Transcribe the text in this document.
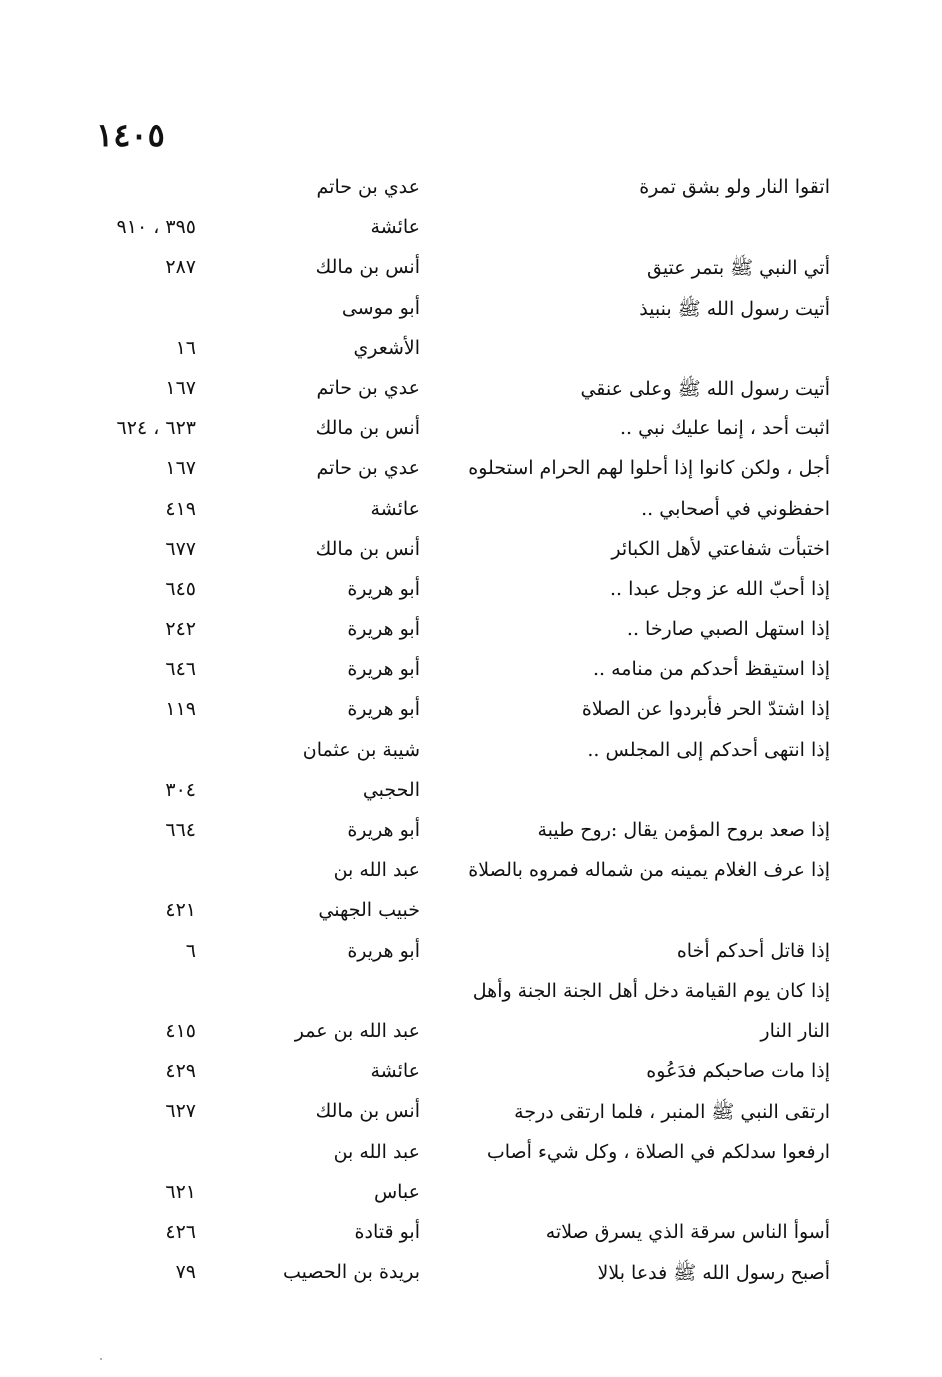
١٤٠٥
اتقوا النار ولو بشق تمرة
عدي بن حاتم
عائشة
٣٩٥ ، ٩١٠
أتي النبي ﷺ بتمر عتيق
أنس بن مالك
٢٨٧
أتيت رسول الله ﷺ بنبيذ
أبو موسى
الأشعري
١٦
أتيت رسول الله ﷺ وعلى عنقي
عدي بن حاتم
١٦٧
اثبت أحد ، إنما عليك نبي ..
أنس بن مالك
٦٢٣ ، ٦٢٤
أجل ، ولكن كانوا إذا أحلوا لهم الحرام استحلوه
عدي بن حاتم
١٦٧
احفظوني في أصحابي ..
عائشة
٤١٩
اختبأت شفاعتي لأهل الكبائر
أنس بن مالك
٦٧٧
إذا أحبّ الله عز وجل عبدا ..
أبو هريرة
٦٤٥
إذا استهل الصبي صارخا ..
أبو هريرة
٢٤٢
إذا استيقظ أحدكم من منامه ..
أبو هريرة
٦٤٦
إذا اشتدّ الحر فأبردوا عن الصلاة
أبو هريرة
١١٩
إذا انتهى أحدكم إلى المجلس ..
شيبة بن عثمان
الحجبي
٣٠٤
إذا صعد بروح المؤمن يقال :روح طيبة
أبو هريرة
٦٦٤
إذا عرف الغلام يمينه من شماله فمروه بالصلاة
عبد الله بن
خبيب الجهني
٤٢١
إذا قاتل أحدكم أخاه
أبو هريرة
٦
إذا كان يوم القيامة دخل أهل الجنة الجنة وأهل
النار النار
عبد الله بن عمر
٤١٥
إذا مات صاحبكم فدَعُوه
عائشة
٤٢٩
ارتقى النبي ﷺ المنبر ، فلما ارتقى درجة
أنس بن مالك
٦٢٧
ارفعوا سدلكم في الصلاة ، وكل شيء أصاب
عبد الله بن
عباس
٦٢١
أسوأ الناس سرقة الذي يسرق صلاته
أبو قتادة
٤٢٦
أصبح رسول الله ﷺ فدعا بلالا
بريدة بن الحصيب
٧٩
